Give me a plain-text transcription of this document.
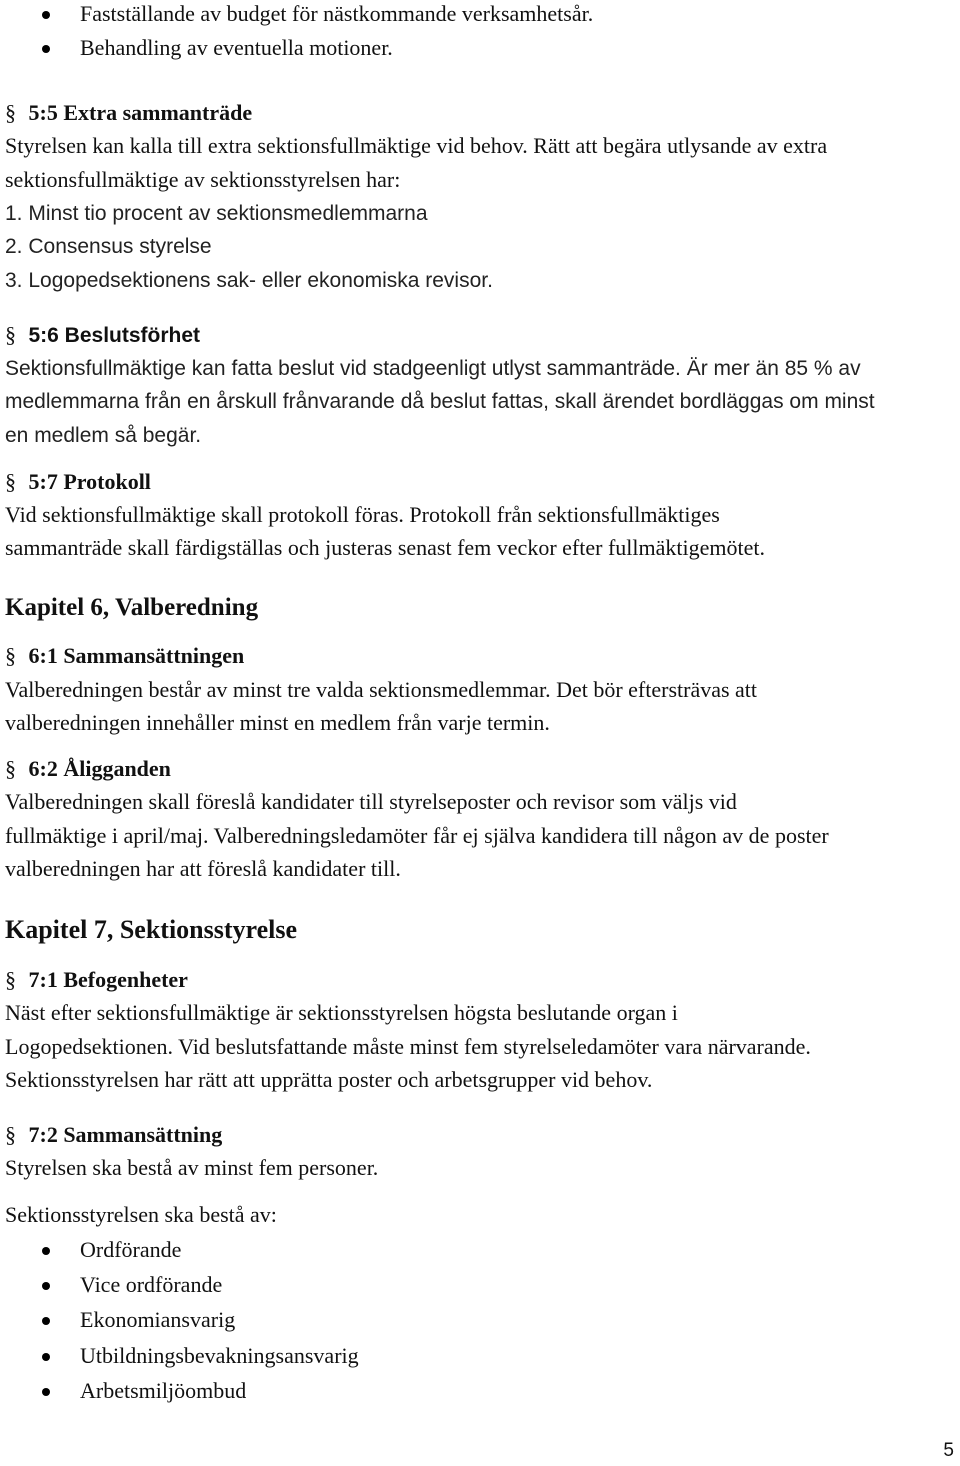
Fastställande av budget för nästkommande verksamhetsår.

Behandling av eventuella motioner.

§ 5:5 Extra sammanträde

Styrelsen kan kalla till extra sektionsfullmäktige vid behov. Rätt att begära utlysande av extra

sektionsfullmäktige av sektionsstyrelsen har:

1. Minst tio procent av sektionsmedlemmarna

2. Consensus styrelse

3. Logopedsektionens sak- eller ekonomiska revisor.

§ 5:6 Beslutsförhet

Sektionsfullmäktige kan fatta beslut vid stadgeenligt utlyst sammanträde. Är mer än 85 % av

medlemmarna från en årskull frånvarande då beslut fattas, skall ärendet bordläggas om minst

en medlem så begär.

§ 5:7 Protokoll

Vid sektionsfullmäktige skall protokoll föras. Protokoll från sektionsfullmäktiges

sammanträde skall färdigställas och justeras senast fem veckor efter fullmäktigemötet.

Kapitel 6, Valberedning

§ 6:1 Sammansättningen

Valberedningen består av minst tre valda sektionsmedlemmar. Det bör eftersträvas att

valberedningen innehåller minst en medlem från varje termin.

§ 6:2 Åligganden

Valberedningen skall föreslå kandidater till styrelseposter och revisor som väljs vid

fullmäktige i april/maj. Valberedningsledamöter får ej själva kandidera till någon av de poster

valberedningen har att föreslå kandidater till.

Kapitel 7, Sektionsstyrelse

§ 7:1 Befogenheter

Näst efter sektionsfullmäktige är sektionsstyrelsen högsta beslutande organ i

Logopedsektionen. Vid beslutsfattande måste minst fem styrelseledamöter vara närvarande.

Sektionsstyrelsen har rätt att upprätta poster och arbetsgrupper vid behov.

§ 7:2 Sammansättning

Styrelsen ska bestå av minst fem personer.

Sektionsstyrelsen ska bestå av:

Ordförande

Vice ordförande

Ekonomiansvarig

Utbildningsbevakningsansvarig

Arbetsmiljöombud

5
